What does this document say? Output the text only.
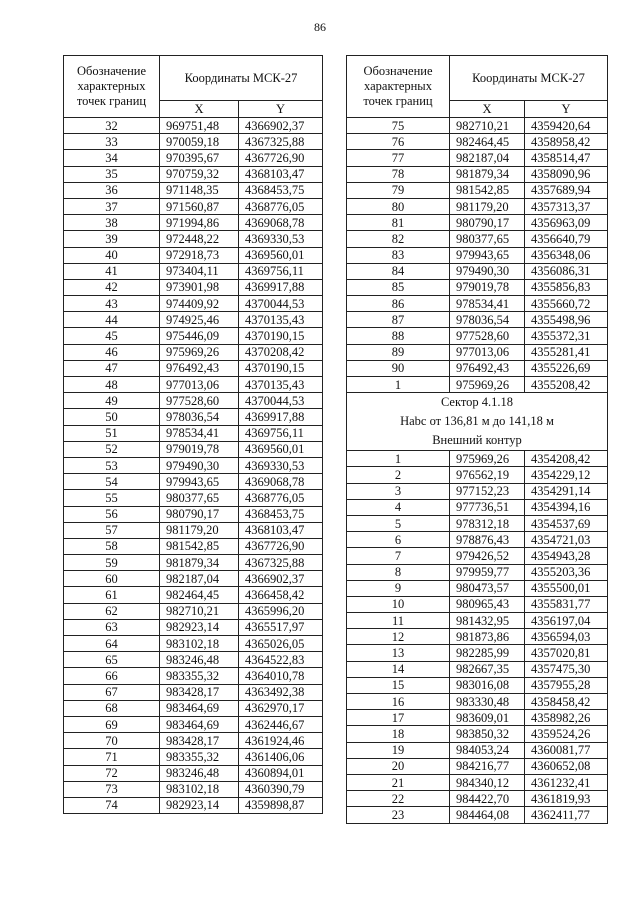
86
Обозначение характерных точек границ	Координаты МСК-27	
	X	Y
32	969751,48	4366902,37
33	970059,18	4367325,88
34	970395,67	4367726,90
35	970759,32	4368103,47
36	971148,35	4368453,75
37	971560,87	4368776,05
38	971994,86	4369068,78
39	972448,22	4369330,53
40	972918,73	4369560,01
41	973404,11	4369756,11
42	973901,98	4369917,88
43	974409,92	4370044,53
44	974925,46	4370135,43
45	975446,09	4370190,15
46	975969,26	4370208,42
47	976492,43	4370190,15
48	977013,06	4370135,43
49	977528,60	4370044,53
50	978036,54	4369917,88
51	978534,41	4369756,11
52	979019,78	4369560,01
53	979490,30	4369330,53
54	979943,65	4369068,78
55	980377,65	4368776,05
56	980790,17	4368453,75
57	981179,20	4368103,47
58	981542,85	4367726,90
59	981879,34	4367325,88
60	982187,04	4366902,37
61	982464,45	4366458,42
62	982710,21	4365996,20
63	982923,14	4365517,97
64	983102,18	4365026,05
65	983246,48	4364522,83
66	983355,32	4364010,78
67	983428,17	4363492,38
68	983464,69	4362970,17
69	983464,69	4362446,67
70	983428,17	4361924,46
71	983355,32	4361406,06
72	983246,48	4360894,01
73	983102,18	4360390,79
74	982923,14	4359898,87
Обозначение характерных точек границ	Координаты МСК-27	
	X	Y
75	982710,21	4359420,64
76	982464,45	4358958,42
77	982187,04	4358514,47
78	981879,34	4358090,96
79	981542,85	4357689,94
80	981179,20	4357313,37
81	980790,17	4356963,09
82	980377,65	4356640,79
83	979943,65	4356348,06
84	979490,30	4356086,31
85	979019,78	4355856,83
86	978534,41	4355660,72
87	978036,54	4355498,96
88	977528,60	4355372,31
89	977013,06	4355281,41
90	976492,43	4355226,69
1	975969,26	4355208,42
Сектор 4.1.18		
Нabc от 136,81 м до 141,18 м		
Внешний контур		
1	975969,26	4354208,42
2	976562,19	4354229,12
3	977152,23	4354291,14
4	977736,51	4354394,16
5	978312,18	4354537,69
6	978876,43	4354721,03
7	979426,52	4354943,28
8	979959,77	4355203,36
9	980473,57	4355500,01
10	980965,43	4355831,77
11	981432,95	4356197,04
12	981873,86	4356594,03
13	982285,99	4357020,81
14	982667,35	4357475,30
15	983016,08	4357955,28
16	983330,48	4358458,42
17	983609,01	4358982,26
18	983850,32	4359524,26
19	984053,24	4360081,77
20	984216,77	4360652,08
21	984340,12	4361232,41
22	984422,70	4361819,93
23	984464,08	4362411,77
